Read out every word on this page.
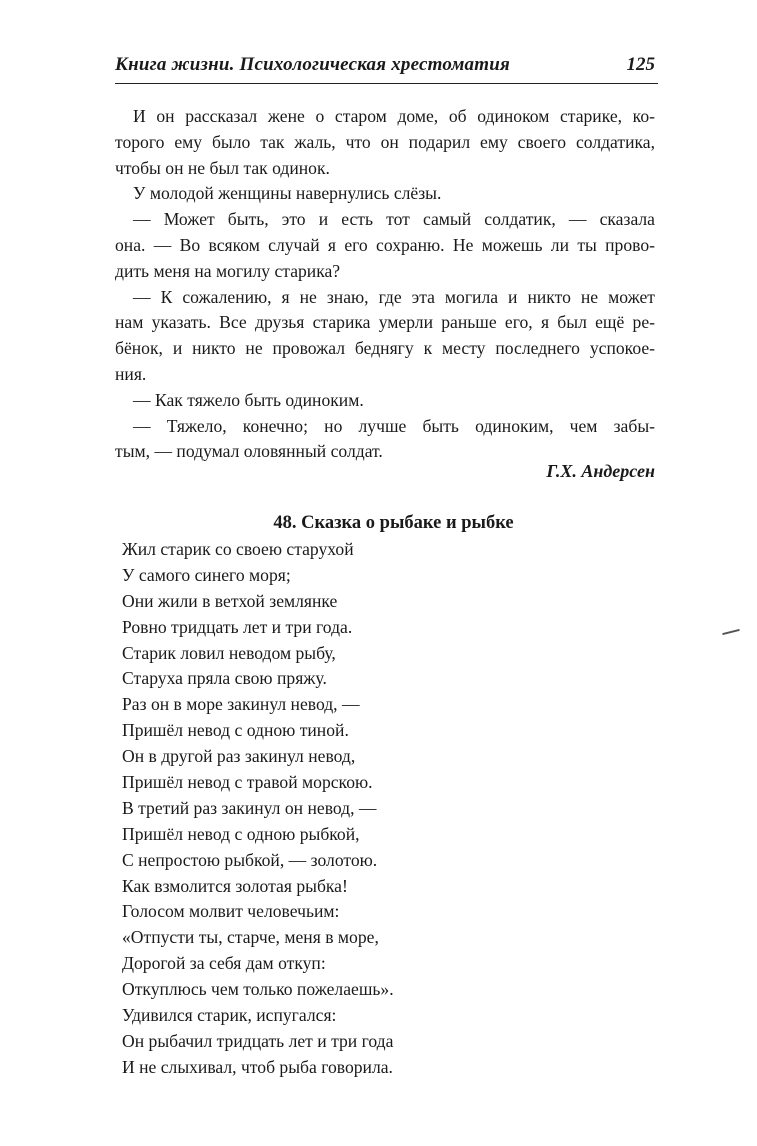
Книга жизни. Психологическая хрестоматия	125
И он рассказал жене о старом доме, об одиноком старике, ко-
торого ему было так жаль, что он подарил ему своего солдатика,
чтобы он не был так одинок.
У молодой женщины навернулись слёзы.
— Может быть, это и есть тот самый солдатик, — сказала
она. — Во всяком случай я его сохраню. Не можешь ли ты прово-
дить меня на могилу старика?
— К сожалению, я не знаю, где эта могила и никто не может
нам указать. Все друзья старика умерли раньше его, я был ещё ре-
бёнок, и никто не провожал беднягу к месту последнего успокое-
ния.
— Как тяжело быть одиноким.
— Тяжело, конечно; но лучше быть одиноким, чем забы-
тым, — подумал оловянный солдат.
Г.Х. Андерсен
48. Сказка о рыбаке и рыбке
Жил старик со своею старухой
У самого синего моря;
Они жили в ветхой землянке
Ровно тридцать лет и три года.
Старик ловил неводом рыбу,
Старуха пряла свою пряжу.
Раз он в море закинул невод, —
Пришёл невод с одною тиной.
Он в другой раз закинул невод,
Пришёл невод с травой морскою.
В третий раз закинул он невод, —
Пришёл невод с одною рыбкой,
С непростою рыбкой, — золотою.
Как взмолится золотая рыбка!
Голосом молвит человечьим:
«Отпусти ты, старче, меня в море,
Дорогой за себя дам откуп:
Откуплюсь чем только пожелаешь».
Удивился старик, испугался:
Он рыбачил тридцать лет и три года
И не слыхивал, чтоб рыба говорила.
